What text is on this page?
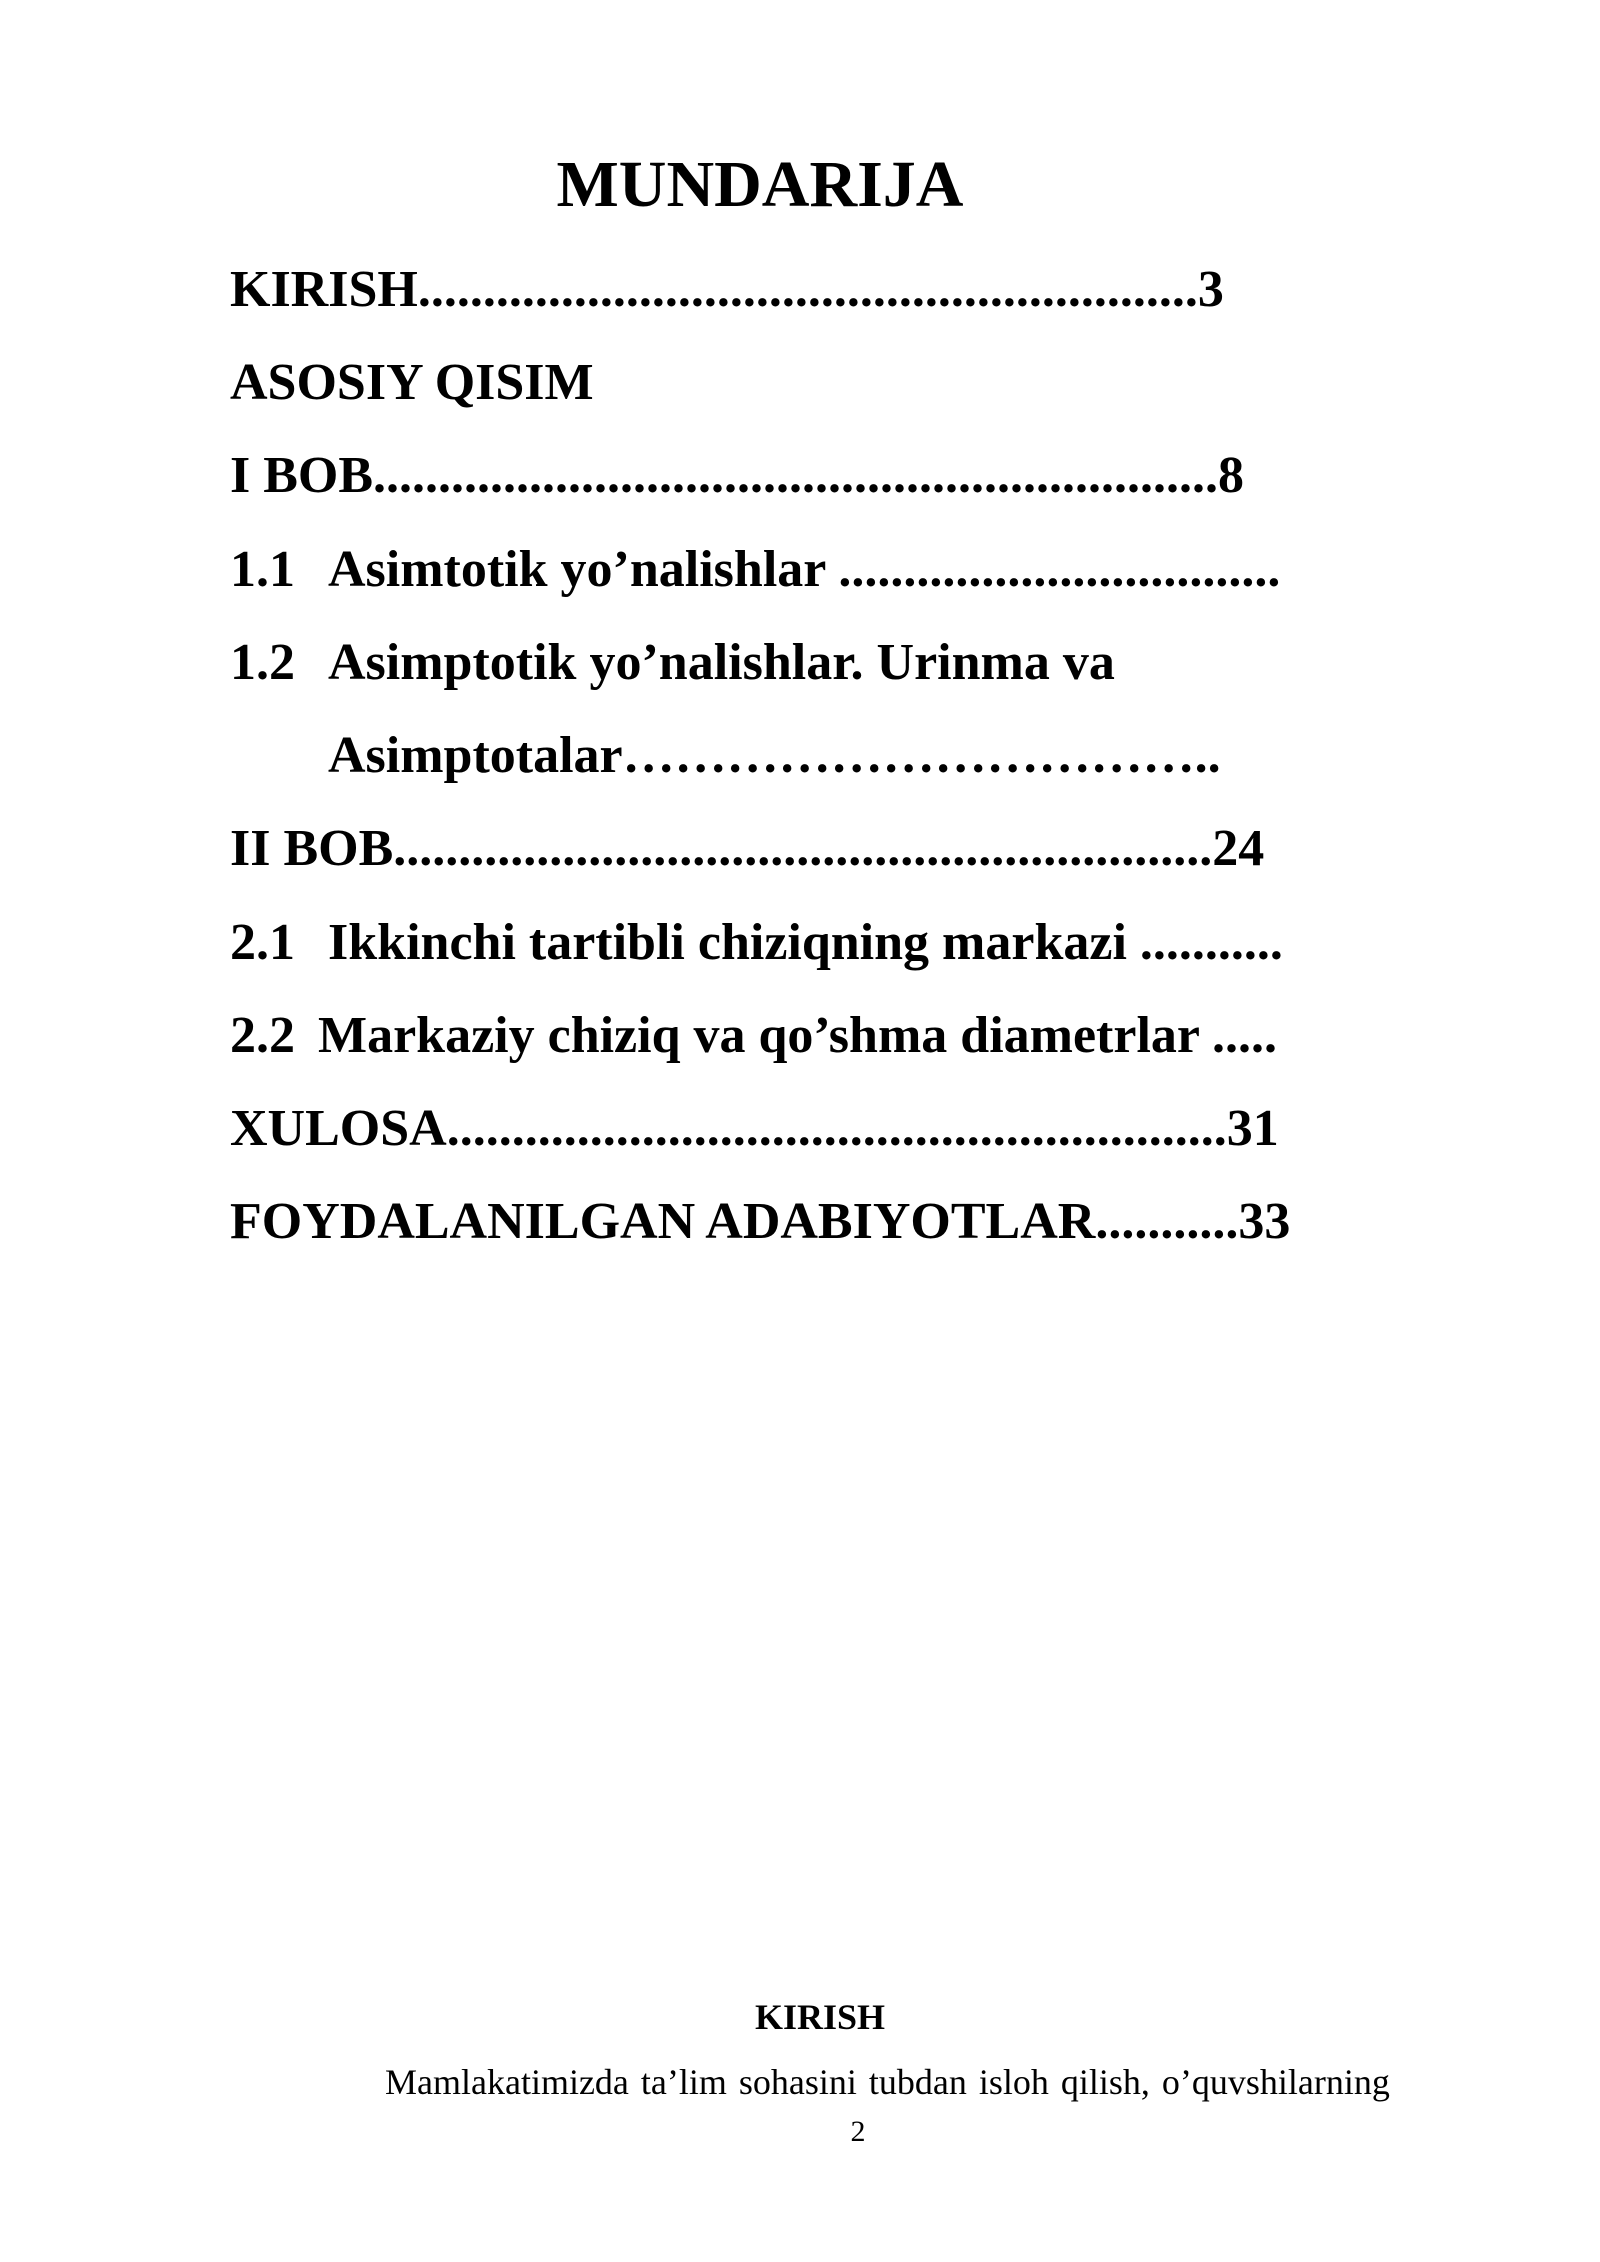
MUNDARIJA
KIRISH............................................................3
ASOSIY QISIM
I BOB.................................................................8
1.1 Asimtotik yo’nalishlar ..................................
1.2 Asimptotik yo’nalishlar. Urinma va
Asimptotalar……………………………..
II BOB...............................................................24
2.1 Ikkinchi tartibli chiziqning markazi ...........
2.2 Markaziy chiziq va qo’shma diametrlar .....
XULOSA............................................................31
FOYDALANILGAN ADABIYOTLAR...........33
KIRISH
Mamlakatimizda ta’lim sohasini tubdan isloh qilish, o’quvshilarning
2
